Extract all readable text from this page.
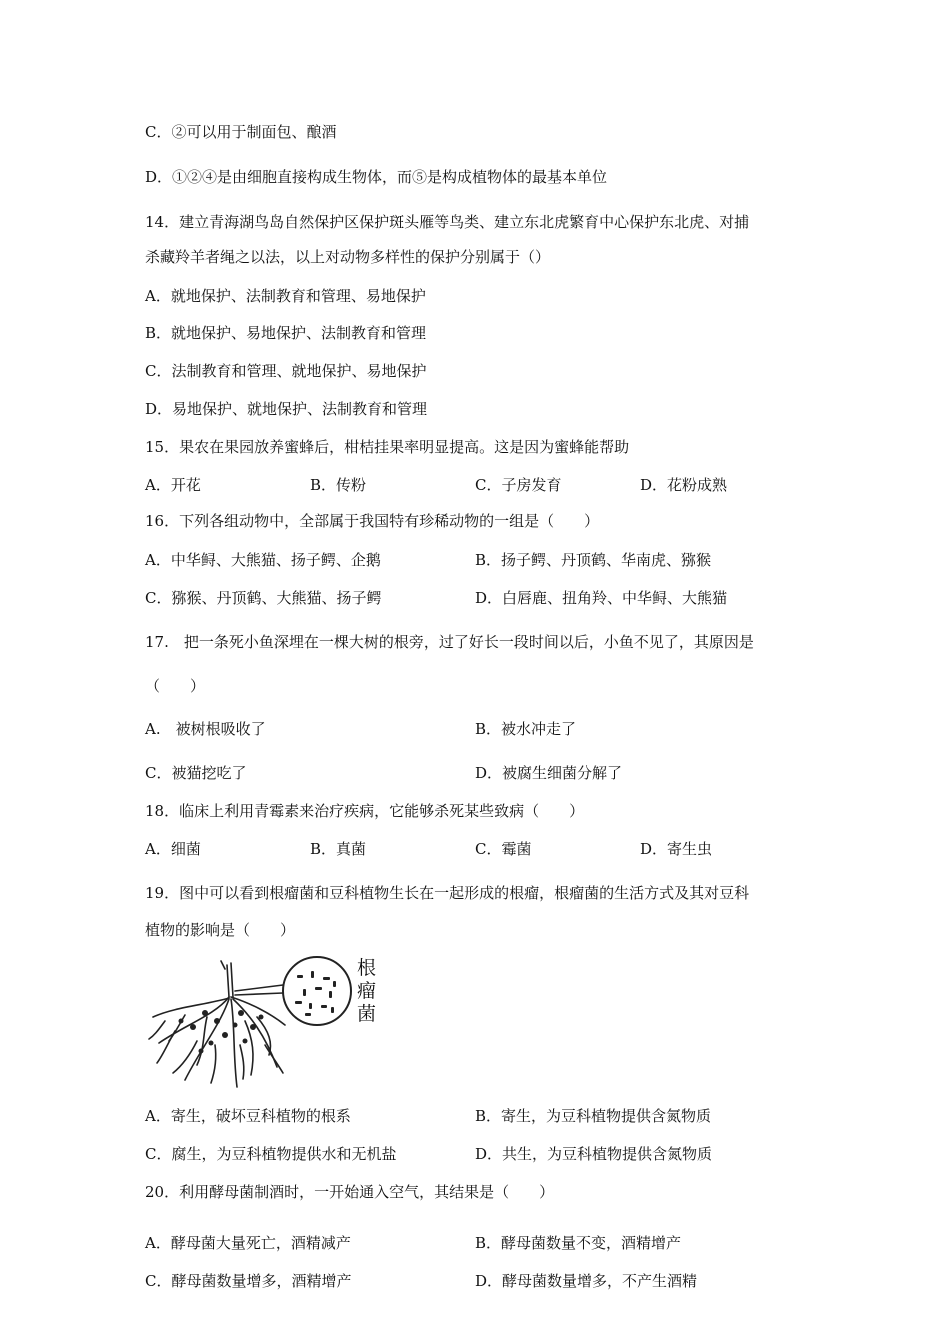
C．②可以用于制面包、酿酒
D．①②④是由细胞直接构成生物体，而⑤是构成植物体的最基本单位
14．建立青海湖鸟岛自然保护区保护斑头雁等鸟类、建立东北虎繁育中心保护东北虎、对捕
杀藏羚羊者绳之以法，以上对动物多样性的保护分别属于（）
A．就地保护、法制教育和管理、易地保护
B．就地保护、易地保护、法制教育和管理
C．法制教育和管理、就地保护、易地保护
D．易地保护、就地保护、法制教育和管理
15．果农在果园放养蜜蜂后，柑桔挂果率明显提高。这是因为蜜蜂能帮助
A．开花	B．传粉	C．子房发育	D．花粉成熟
16．下列各组动物中，全部属于我国特有珍稀动物的一组是（　　）
A．中华鲟、大熊猫、扬子鳄、企鹅	B．扬子鳄、丹顶鹤、华南虎、猕猴
C．猕猴、丹顶鹤、大熊猫、扬子鳄	D．白唇鹿、扭角羚、中华鲟、大熊猫
17.　把一条死小鱼深埋在一棵大树的根旁，过了好长一段时间以后，小鱼不见了，其原因是
（　　）
A.　被树根吸收了	B．被水冲走了
C．被猫挖吃了	D．被腐生细菌分解了
18．临床上利用青霉素来治疗疾病，它能够杀死某些致病（　　）
A．细菌	B．真菌	C．霉菌	D．寄生虫
19．图中可以看到根瘤菌和豆科植物生长在一起形成的根瘤，根瘤菌的生活方式及其对豆科
植物的影响是（　　）
根
瘤
菌
A．寄生，破坏豆科植物的根系	B．寄生，为豆科植物提供含氮物质
C．腐生，为豆科植物提供水和无机盐	D．共生，为豆科植物提供含氮物质
20．利用酵母菌制酒时，一开始通入空气，其结果是（　　）
A．酵母菌大量死亡，酒精减产	B．酵母菌数量不变，酒精增产
C．酵母菌数量增多，酒精增产	D．酵母菌数量增多，不产生酒精
